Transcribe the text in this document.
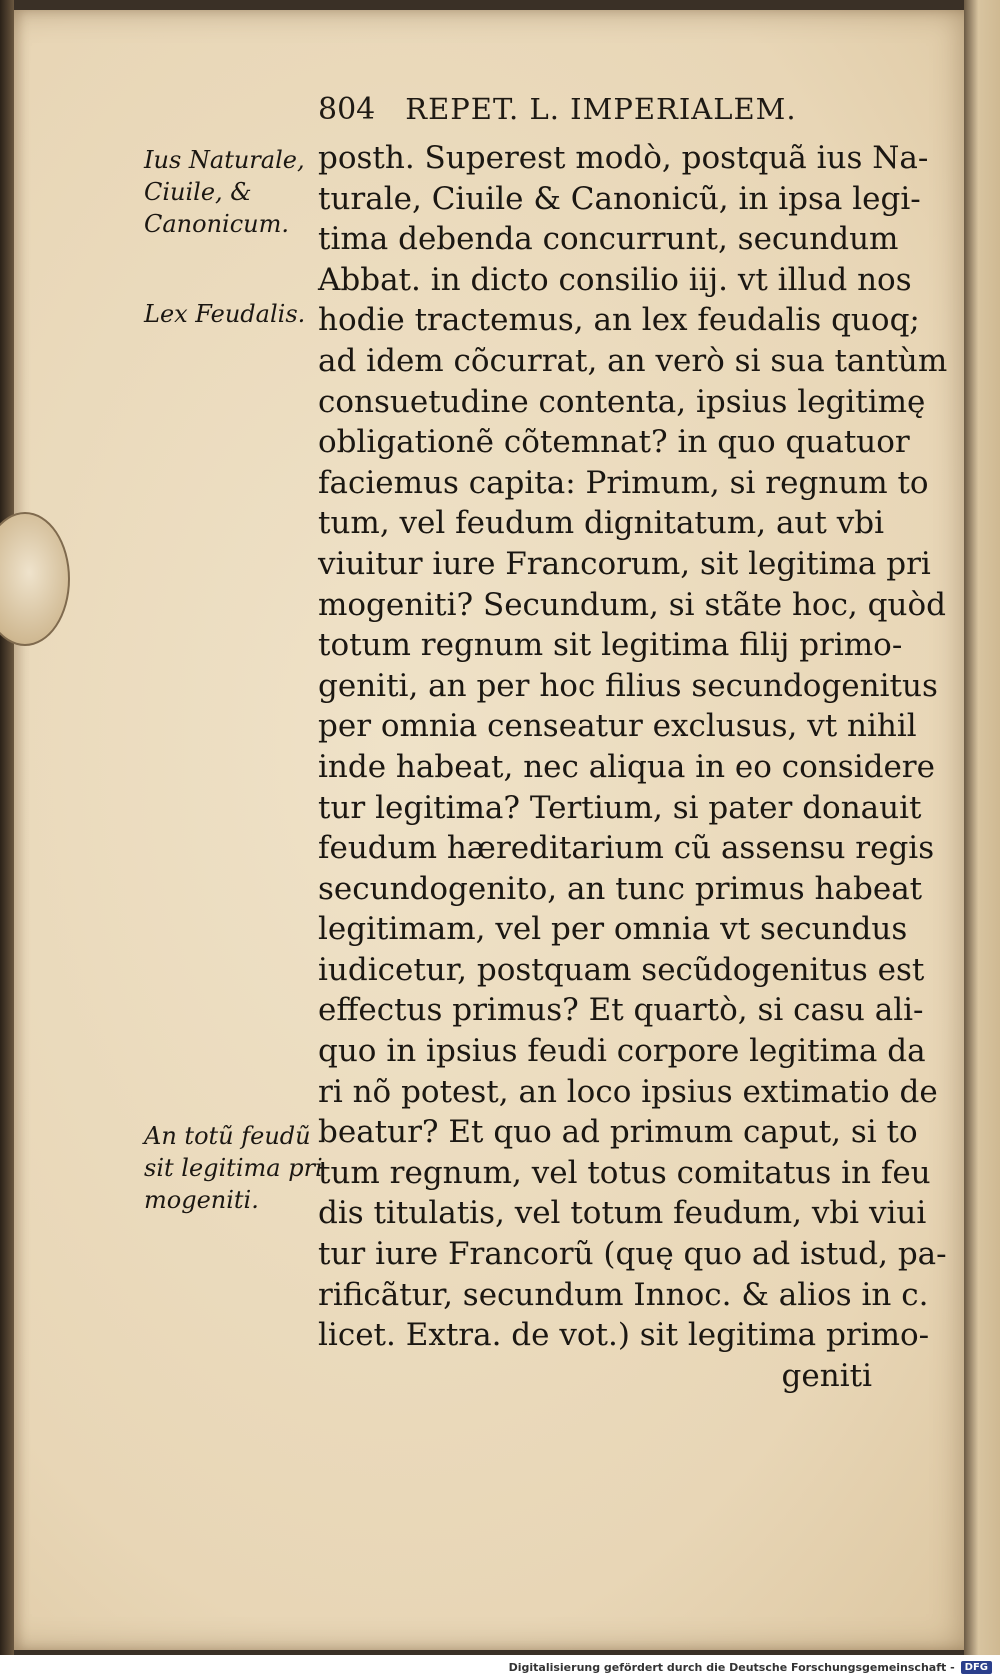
804 REPET. L. IMPERIALEM.
Ius Naturale,
Ciuile, &
Canonicum.
Lex Feudalis.
An totũ feudũ
sit legitima pri
mogeniti.
posth. Superest modò, postquã ius Na-
turale, Ciuile & Canonicũ, in ipsa legi-
tima debenda concurrunt, secundum
Abbat. in dicto consilio iij. vt illud nos
hodie tractemus, an lex feudalis quoq;
ad idem cõcurrat, an verò si sua tantùm
consuetudine contenta, ipsius legitimę
obligationẽ cõtemnat? in quo quatuor
faciemus capita: Primum, si regnum to
tum, vel feudum dignitatum, aut vbi
viuitur iure Francorum, sit legitima pri
mogeniti? Secundum, si stãte hoc, quòd
totum regnum sit legitima filij primo-
geniti, an per hoc filius secundogenitus
per omnia censeatur exclusus, vt nihil
inde habeat, nec aliqua in eo considere
tur legitima? Tertium, si pater donauit
feudum hæreditarium cũ assensu regis
secundogenito, an tunc primus habeat
legitimam, vel per omnia vt secundus
iudicetur, postquam secũdogenitus est
effectus primus? Et quartò, si casu ali-
quo in ipsius feudi corpore legitima da
ri nõ potest, an loco ipsius extimatio de
beatur? Et quo ad primum caput, si to
tum regnum, vel totus comitatus in feu
dis titulatis, vel totum feudum, vbi viui
tur iure Francorũ (quę quo ad istud, pa-
rificãtur, secundum Innoc. & alios in c.
licet. Extra. de vot.) sit legitima primo-
geniti
Digitalisierung gefördert durch die Deutsche Forschungsgemeinschaft -	DFG
